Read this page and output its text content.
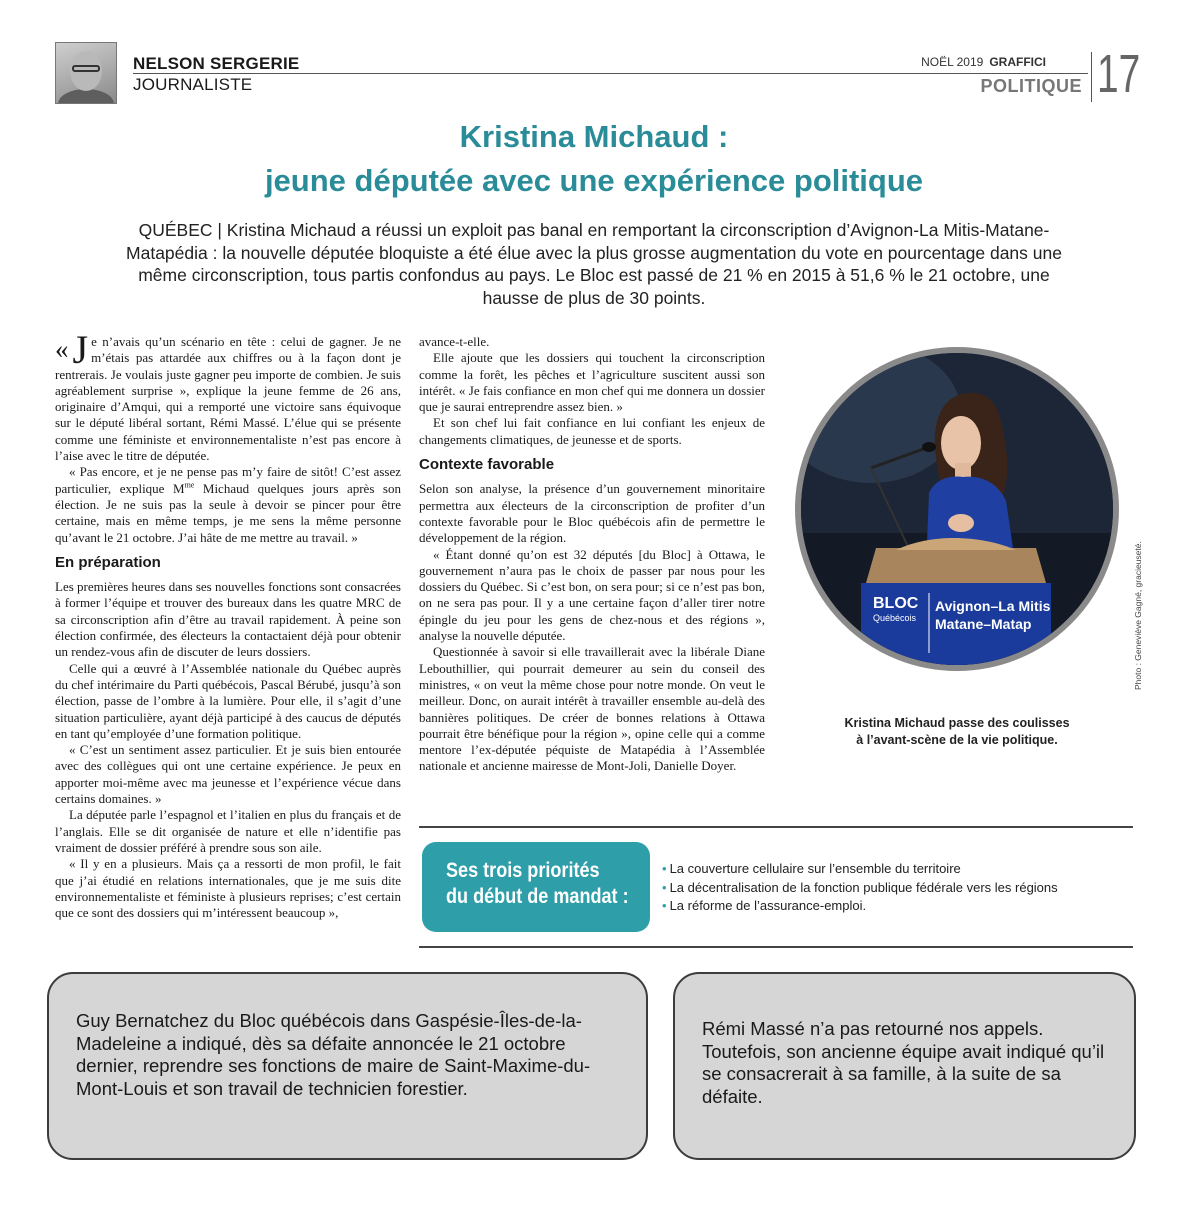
NELSON SERGERIE
JOURNALISTE
NOËL 2019 GRAFFICI
POLITIQUE 17
Kristina Michaud :
jeune députée avec une expérience politique
QUÉBEC | Kristina Michaud a réussi un exploit pas banal en remportant la circonscription d’Avignon-La Mitis-Matane-Matapédia : la nouvelle députée bloquiste a été élue avec la plus grosse augmentation du vote en pourcentage dans une même circonscription, tous partis confondus au pays. Le Bloc est passé de 21 % en 2015 à 51,6 % le 21 octobre, une hausse de plus de 30 points.

« J e n’avais qu’un scénario en tête : celui de gagner. Je ne m’étais pas attardée aux chiffres ou à la façon dont je rentrerais. Je voulais juste gagner peu importe de combien. Je suis agréablement surprise », explique la jeune femme de 26 ans, originaire d’Amqui, qui a remporté une victoire sans équivoque sur le député libéral sortant, Rémi Massé. L’élue qui se présente comme une féministe et environnementaliste n’est pas encore à l’aise avec le titre de députée.

« Pas encore, et je ne pense pas m’y faire de sitôt! C’est assez particulier, explique $M^{me}$ Michaud quelques jours après son élection. Je ne suis pas la seule à devoir se pincer pour être certaine, mais en même temps, je me sens la même personne qu’avant le 21 octobre. J’ai hâte de me mettre au travail. »

En préparation

Les premières heures dans ses nouvelles fonctions sont consacrées à former l’équipe et trouver des bureaux dans les quatre MRC de sa circonscription afin d’être au travail rapidement. À peine son élection confirmée, des électeurs la contactaient déjà pour obtenir un rendez-vous afin de discuter de leurs dossiers.

Celle qui a œuvré à l’Assemblée nationale du Québec auprès du chef intérimaire du Parti québécois, Pascal Bérubé, jusqu’à son élection, passe de l’ombre à la lumière. Pour elle, il s’agit d’une situation particulière, ayant déjà participé à des caucus de députés en tant qu’employée d’une formation politique.

« C’est un sentiment assez particulier. Et je suis bien entourée avec des collègues qui ont une certaine expérience. Je peux en apporter moi-même avec ma jeunesse et l’expérience vécue dans certains domaines. »

La députée parle l’espagnol et l’italien en plus du français et de l’anglais. Elle se dit organisée de nature et elle n’identifie pas vraiment de dossier préféré à prendre sous son aile.

« Il y en a plusieurs. Mais ça a ressorti de mon profil, le fait que j’ai étudié en relations internationales, que je me suis dite environnementaliste et féministe à plusieurs reprises; c’est certain que ce sont des dossiers qui m’intéressent beaucoup »,

avance-t-elle.

Elle ajoute que les dossiers qui touchent la circonscription comme la forêt, les pêches et l’agriculture suscitent aussi son intérêt. « Je fais confiance en mon chef qui me donnera un dossier que je saurai entreprendre assez bien. »

Et son chef lui fait confiance en lui confiant les enjeux de changements climatiques, de jeunesse et de sports.

Contexte favorable

Selon son analyse, la présence d’un gouvernement minoritaire permettra aux électeurs de la circonscription de profiter d’un contexte favorable pour le Bloc québécois afin de permettre le développement de la région.

« Étant donné qu’on est 32 députés [du Bloc] à Ottawa, le gouvernement n’aura pas le choix de passer par nous pour les dossiers du Québec. Si c’est bon, on sera pour; si ce n’est pas bon, on ne sera pas pour. Il y a une certaine façon d’aller tirer notre épingle du jeu pour les gens de chez-nous et des régions », analyse la nouvelle députée.

Questionnée à savoir si elle travaillerait avec la libérale Diane Lebouthillier, qui pourrait demeurer au sein du conseil des ministres, « on veut la même chose pour notre monde. On veut le meilleur. Donc, on aurait intérêt à travailler ensemble au-delà des bannières politiques. De créer de bonnes relations à Ottawa pourrait être bénéfique pour la région », opine celle qui a comme mentore l’ex-députée péquiste de Matapédia à l’Assemblée nationale et ancienne mairesse de Mont-Joli, Danielle Doyer.

BLOC
Québécois
Avignon–La Mitis
Matane–Matap	Photo : Geneviève Gagné, gracieuseté.
Kristina Michaud passe des coulisses
à l’avant-scène de la vie politique.
Ses trois priorités
du début de mandat :
• La couverture cellulaire sur l’ensemble du territoire
• La décentralisation de la fonction publique fédérale vers les régions
• La réforme de l’assurance-emploi.
Guy Bernatchez du Bloc québécois dans Gaspésie-Îles-de-la-Madeleine a indiqué, dès sa défaite annoncée le 21 octobre dernier, reprendre ses fonctions de maire de Saint-Maxime-du-Mont-Louis et son travail de technicien forestier.
Rémi Massé n’a pas retourné nos appels. Toutefois, son ancienne équipe avait indiqué qu’il se consacrerait à sa famille, à la suite de sa défaite.
